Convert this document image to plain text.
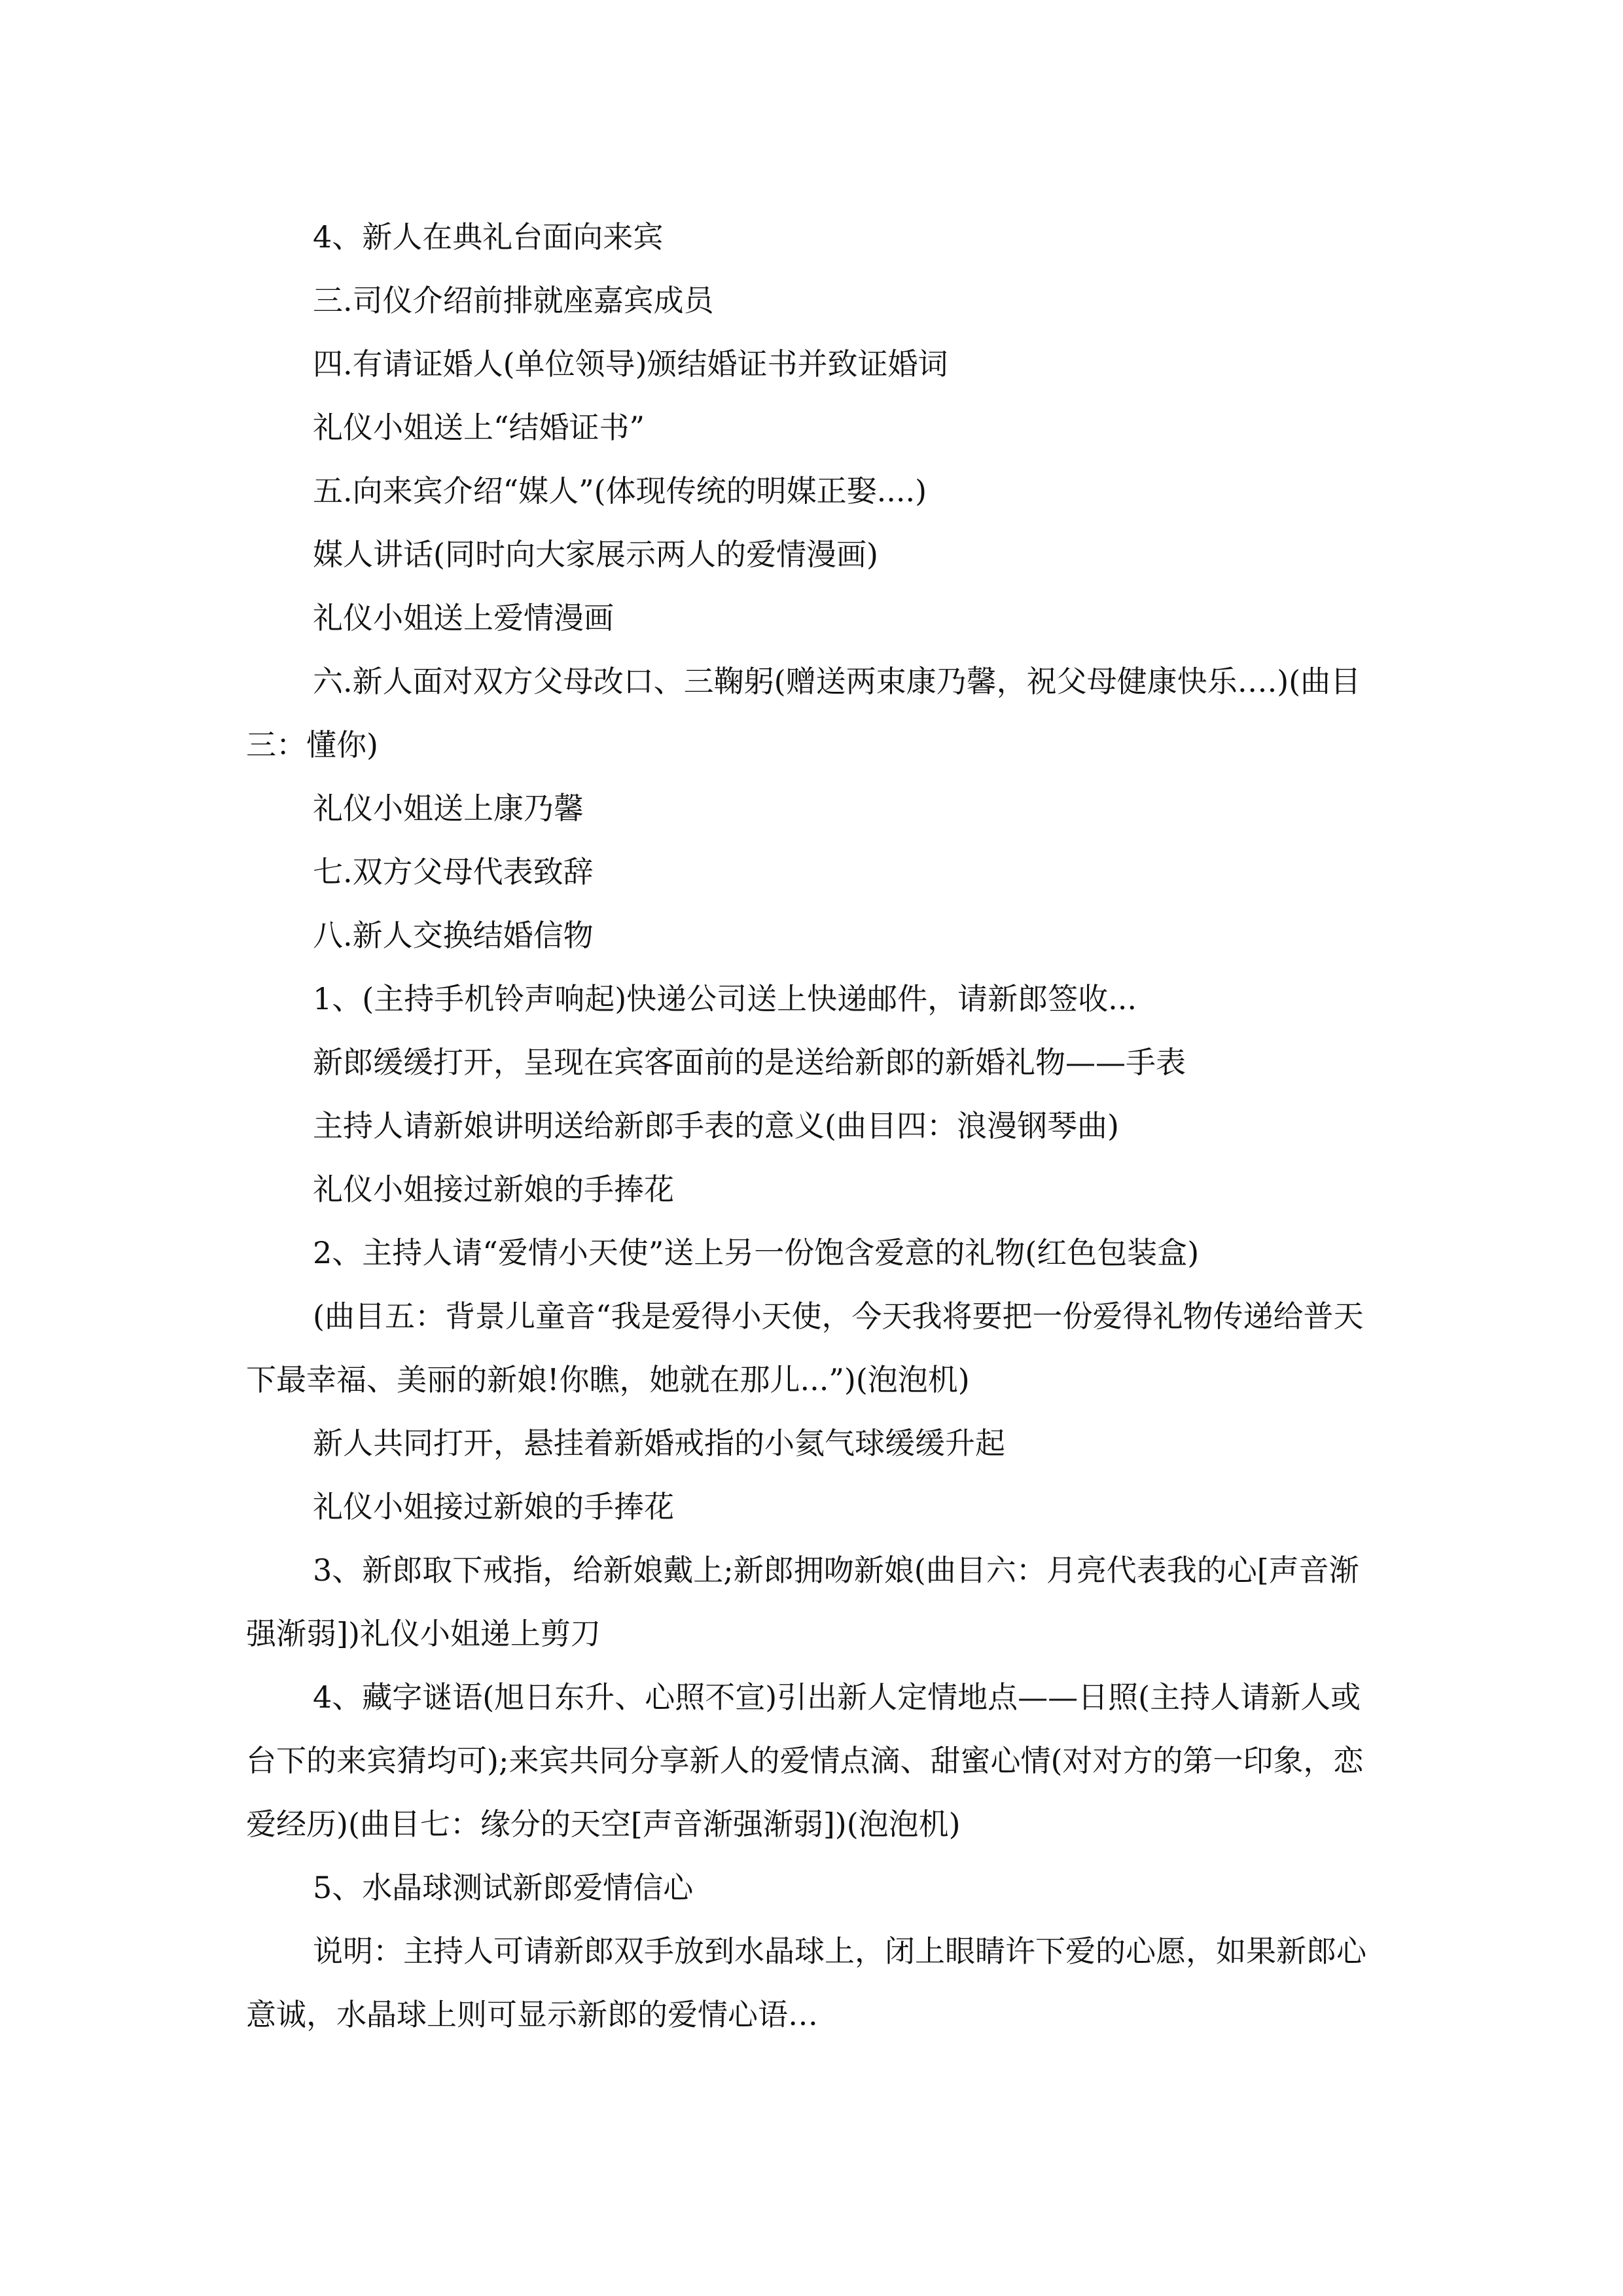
4、新人在典礼台面向来宾

三.司仪介绍前排就座嘉宾成员

四.有请证婚人(单位领导)颁结婚证书并致证婚词

礼仪小姐送上“结婚证书”

五.向来宾介绍“媒人”(体现传统的明媒正娶....)

媒人讲话(同时向大家展示两人的爱情漫画)

礼仪小姐送上爱情漫画

六.新人面对双方父母改口、三鞠躬(赠送两束康乃馨，祝父母健康快乐….)(曲目三：懂你)

礼仪小姐送上康乃馨

七.双方父母代表致辞

八.新人交换结婚信物

1、(主持手机铃声响起)快递公司送上快递邮件，请新郎签收...

新郎缓缓打开，呈现在宾客面前的是送给新郎的新婚礼物——手表

主持人请新娘讲明送给新郎手表的意义(曲目四：浪漫钢琴曲)

礼仪小姐接过新娘的手捧花

2、主持人请“爱情小天使”送上另一份饱含爱意的礼物(红色包装盒)

(曲目五：背景儿童音“我是爱得小天使，今天我将要把一份爱得礼物传递给普天下最幸福、美丽的新娘!你瞧，她就在那儿...”)(泡泡机)

新人共同打开，悬挂着新婚戒指的小氦气球缓缓升起

礼仪小姐接过新娘的手捧花

3、新郎取下戒指，给新娘戴上;新郎拥吻新娘(曲目六：月亮代表我的心[声音渐强渐弱])礼仪小姐递上剪刀

4、藏字谜语(旭日东升、心照不宣)引出新人定情地点——日照(主持人请新人或台下的来宾猜均可);来宾共同分享新人的爱情点滴、甜蜜心情(对对方的第一印象，恋爱经历)(曲目七：缘分的天空[声音渐强渐弱])(泡泡机)

5、水晶球测试新郎爱情信心

说明：主持人可请新郎双手放到水晶球上，闭上眼睛许下爱的心愿，如果新郎心意诚，水晶球上则可显示新郎的爱情心语…
